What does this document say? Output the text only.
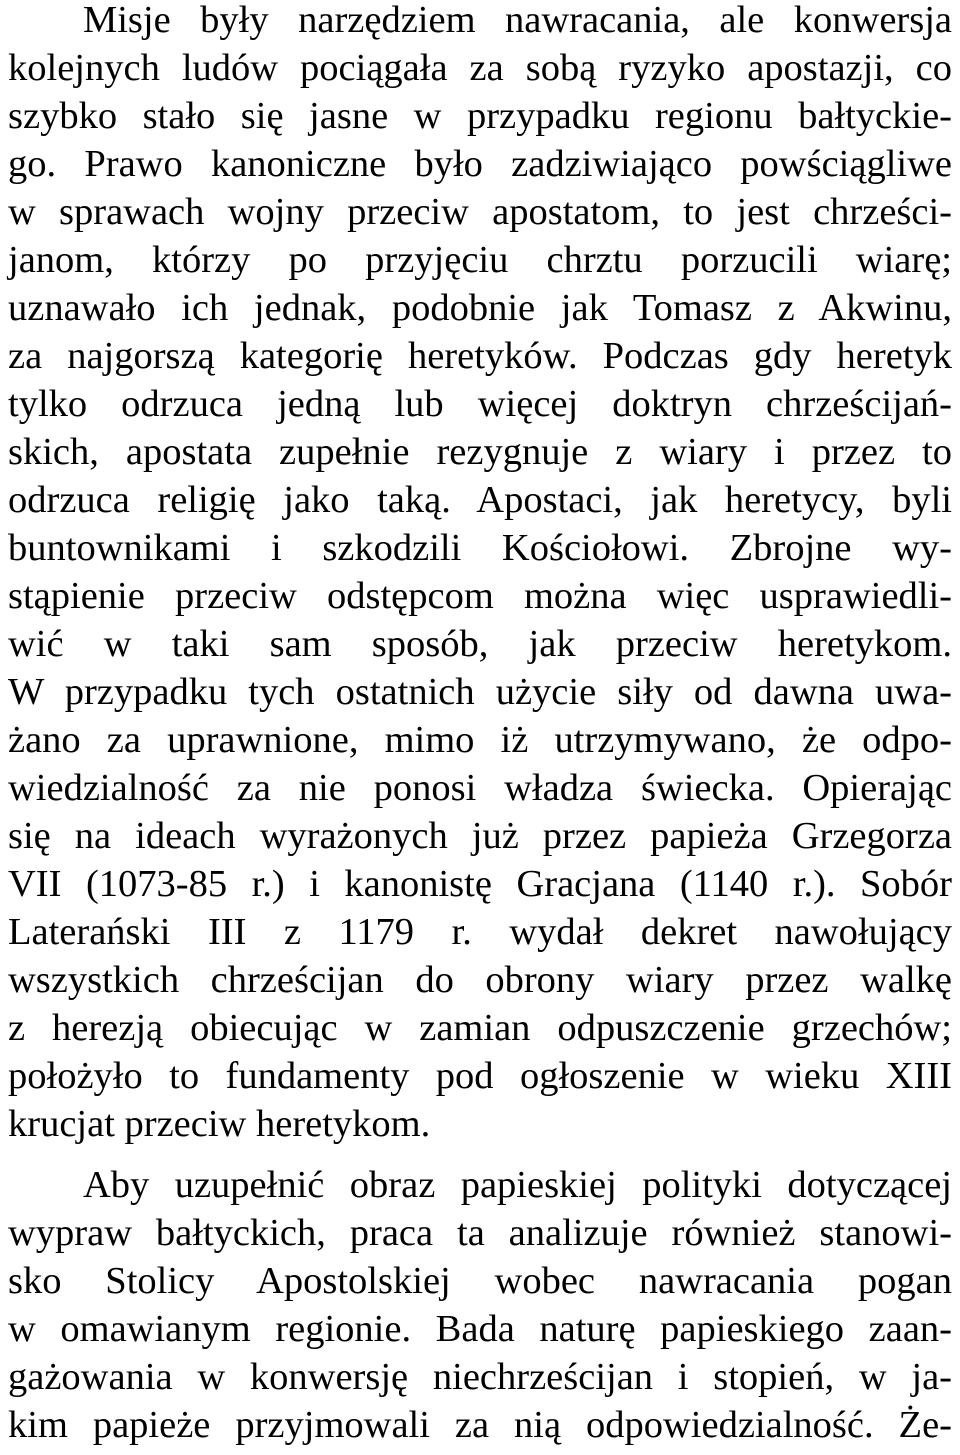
Misje były narzędziem nawracania, ale konwersja
kolejnych ludów pociągała za sobą ryzyko apostazji, co
szybko stało się jasne w przypadku regionu bałtyckie-
go. Prawo kanoniczne było zadziwiająco powściągliwe
w sprawach wojny przeciw apostatom, to jest chrześci-
janom, którzy po przyjęciu chrztu porzucili wiarę;
uznawało ich jednak, podobnie jak Tomasz z Akwinu,
za najgorszą kategorię heretyków. Podczas gdy heretyk
tylko odrzuca jedną lub więcej doktryn chrześcijań-
skich, apostata zupełnie rezygnuje z wiary i przez to
odrzuca religię jako taką. Apostaci, jak heretycy, byli
buntownikami i szkodzili Kościołowi. Zbrojne wy-
stąpienie przeciw odstępcom można więc usprawiedli-
wić w taki sam sposób, jak przeciw heretykom.
W przypadku tych ostatnich użycie siły od dawna uwa-
żano za uprawnione, mimo iż utrzymywano, że odpo-
wiedzialność za nie ponosi władza świecka. Opierając
się na ideach wyrażonych już przez papieża Grzegorza
VII (1073-85 r.) i kanonistę Gracjana (1140 r.). Sobór
Laterański III z 1179 r. wydał dekret nawołujący
wszystkich chrześcijan do obrony wiary przez walkę
z herezją obiecując w zamian odpuszczenie grzechów;
położyło to fundamenty pod ogłoszenie w wieku XIII
krucjat przeciw heretykom.
Aby uzupełnić obraz papieskiej polityki dotyczącej
wypraw bałtyckich, praca ta analizuje również stanowi-
sko Stolicy Apostolskiej wobec nawracania pogan
w omawianym regionie. Bada naturę papieskiego zaan-
gażowania w konwersję niechrześcijan i stopień, w ja-
kim papieże przyjmowali za nią odpowiedzialność. Że-
